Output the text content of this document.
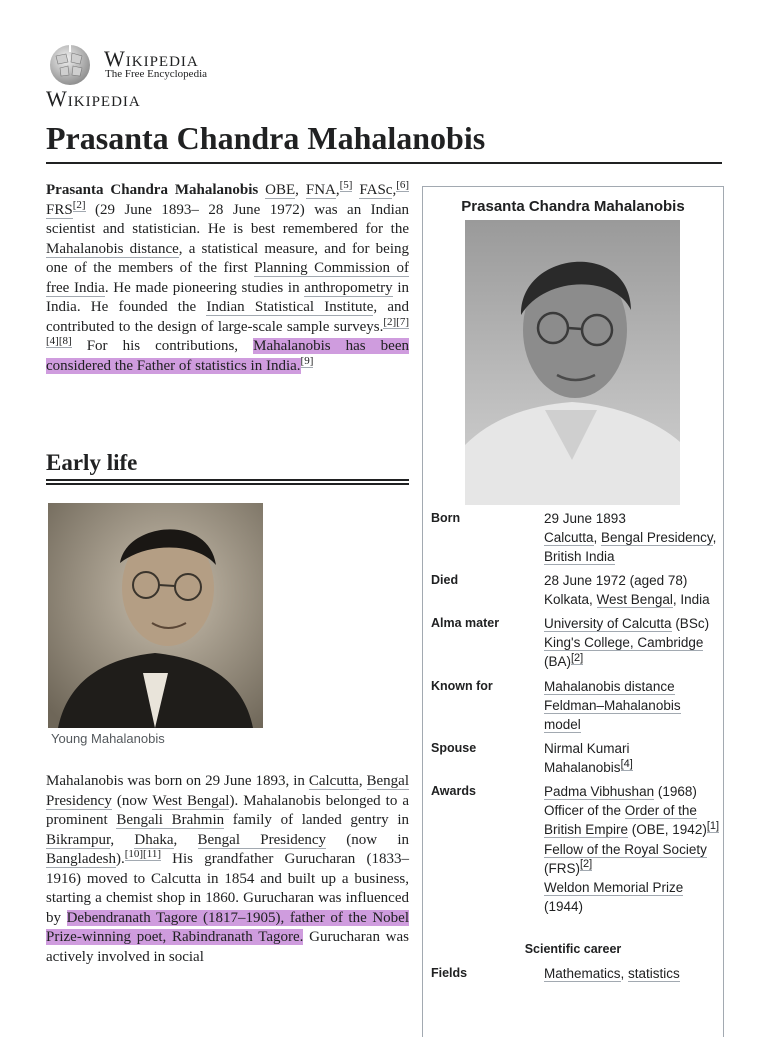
Wikipedia
The Free Encyclopedia
Wikipedia
Prasanta Chandra Mahalanobis

Prasanta Chandra Mahalanobis OBE, FNA,[5] FASc,[6] FRS[2] (29 June 1893– 28 June 1972) was an Indian scientist and statistician. He is best remembered for the Mahalanobis distance, a statistical measure, and for being one of the members of the first Planning Commission of free India. He made pioneering studies in anthropometry in India. He founded the Indian Statistical Institute, and contributed to the design of large-scale sample surveys.[2][7][4][8] For his contributions, Mahalanobis has been considered the Father of statistics in India.[9]

Early life
Young Mahalanobis

Mahalanobis was born on 29 June 1893, in Calcutta, Bengal Presidency (now West Bengal). Mahalanobis belonged to a prominent Bengali Brahmin family of landed gentry in Bikrampur, Dhaka, Bengal Presidency (now in Bangladesh).[10][11] His grandfather Gurucharan (1833–1916) moved to Calcutta in 1854 and built up a business, starting a chemist shop in 1860. Gurucharan was influenced by Debendranath Tagore (1817–1905), father of the Nobel Prize-winning poet, Rabindranath Tagore. Gurucharan was actively involved in social

Prasanta Chandra Mahalanobis
Born	29 June 1893
Calcutta, Bengal Presidency, British India
Died	28 June 1972 (aged 78)
Kolkata, West Bengal, India
Alma mater	University of Calcutta (BSc)
King's College, Cambridge
(BA)[2]
Known for	Mahalanobis distance
Feldman–Mahalanobis model
Spouse	Nirmal Kumari Mahalanobis[4]
Awards	Padma Vibhushan (1968)
Officer of the Order of the British Empire (OBE, 1942)[1]
Fellow of the Royal Society (FRS)[2]
Weldon Memorial Prize
(1944)
Scientific career
Fields	Mathematics, statistics
